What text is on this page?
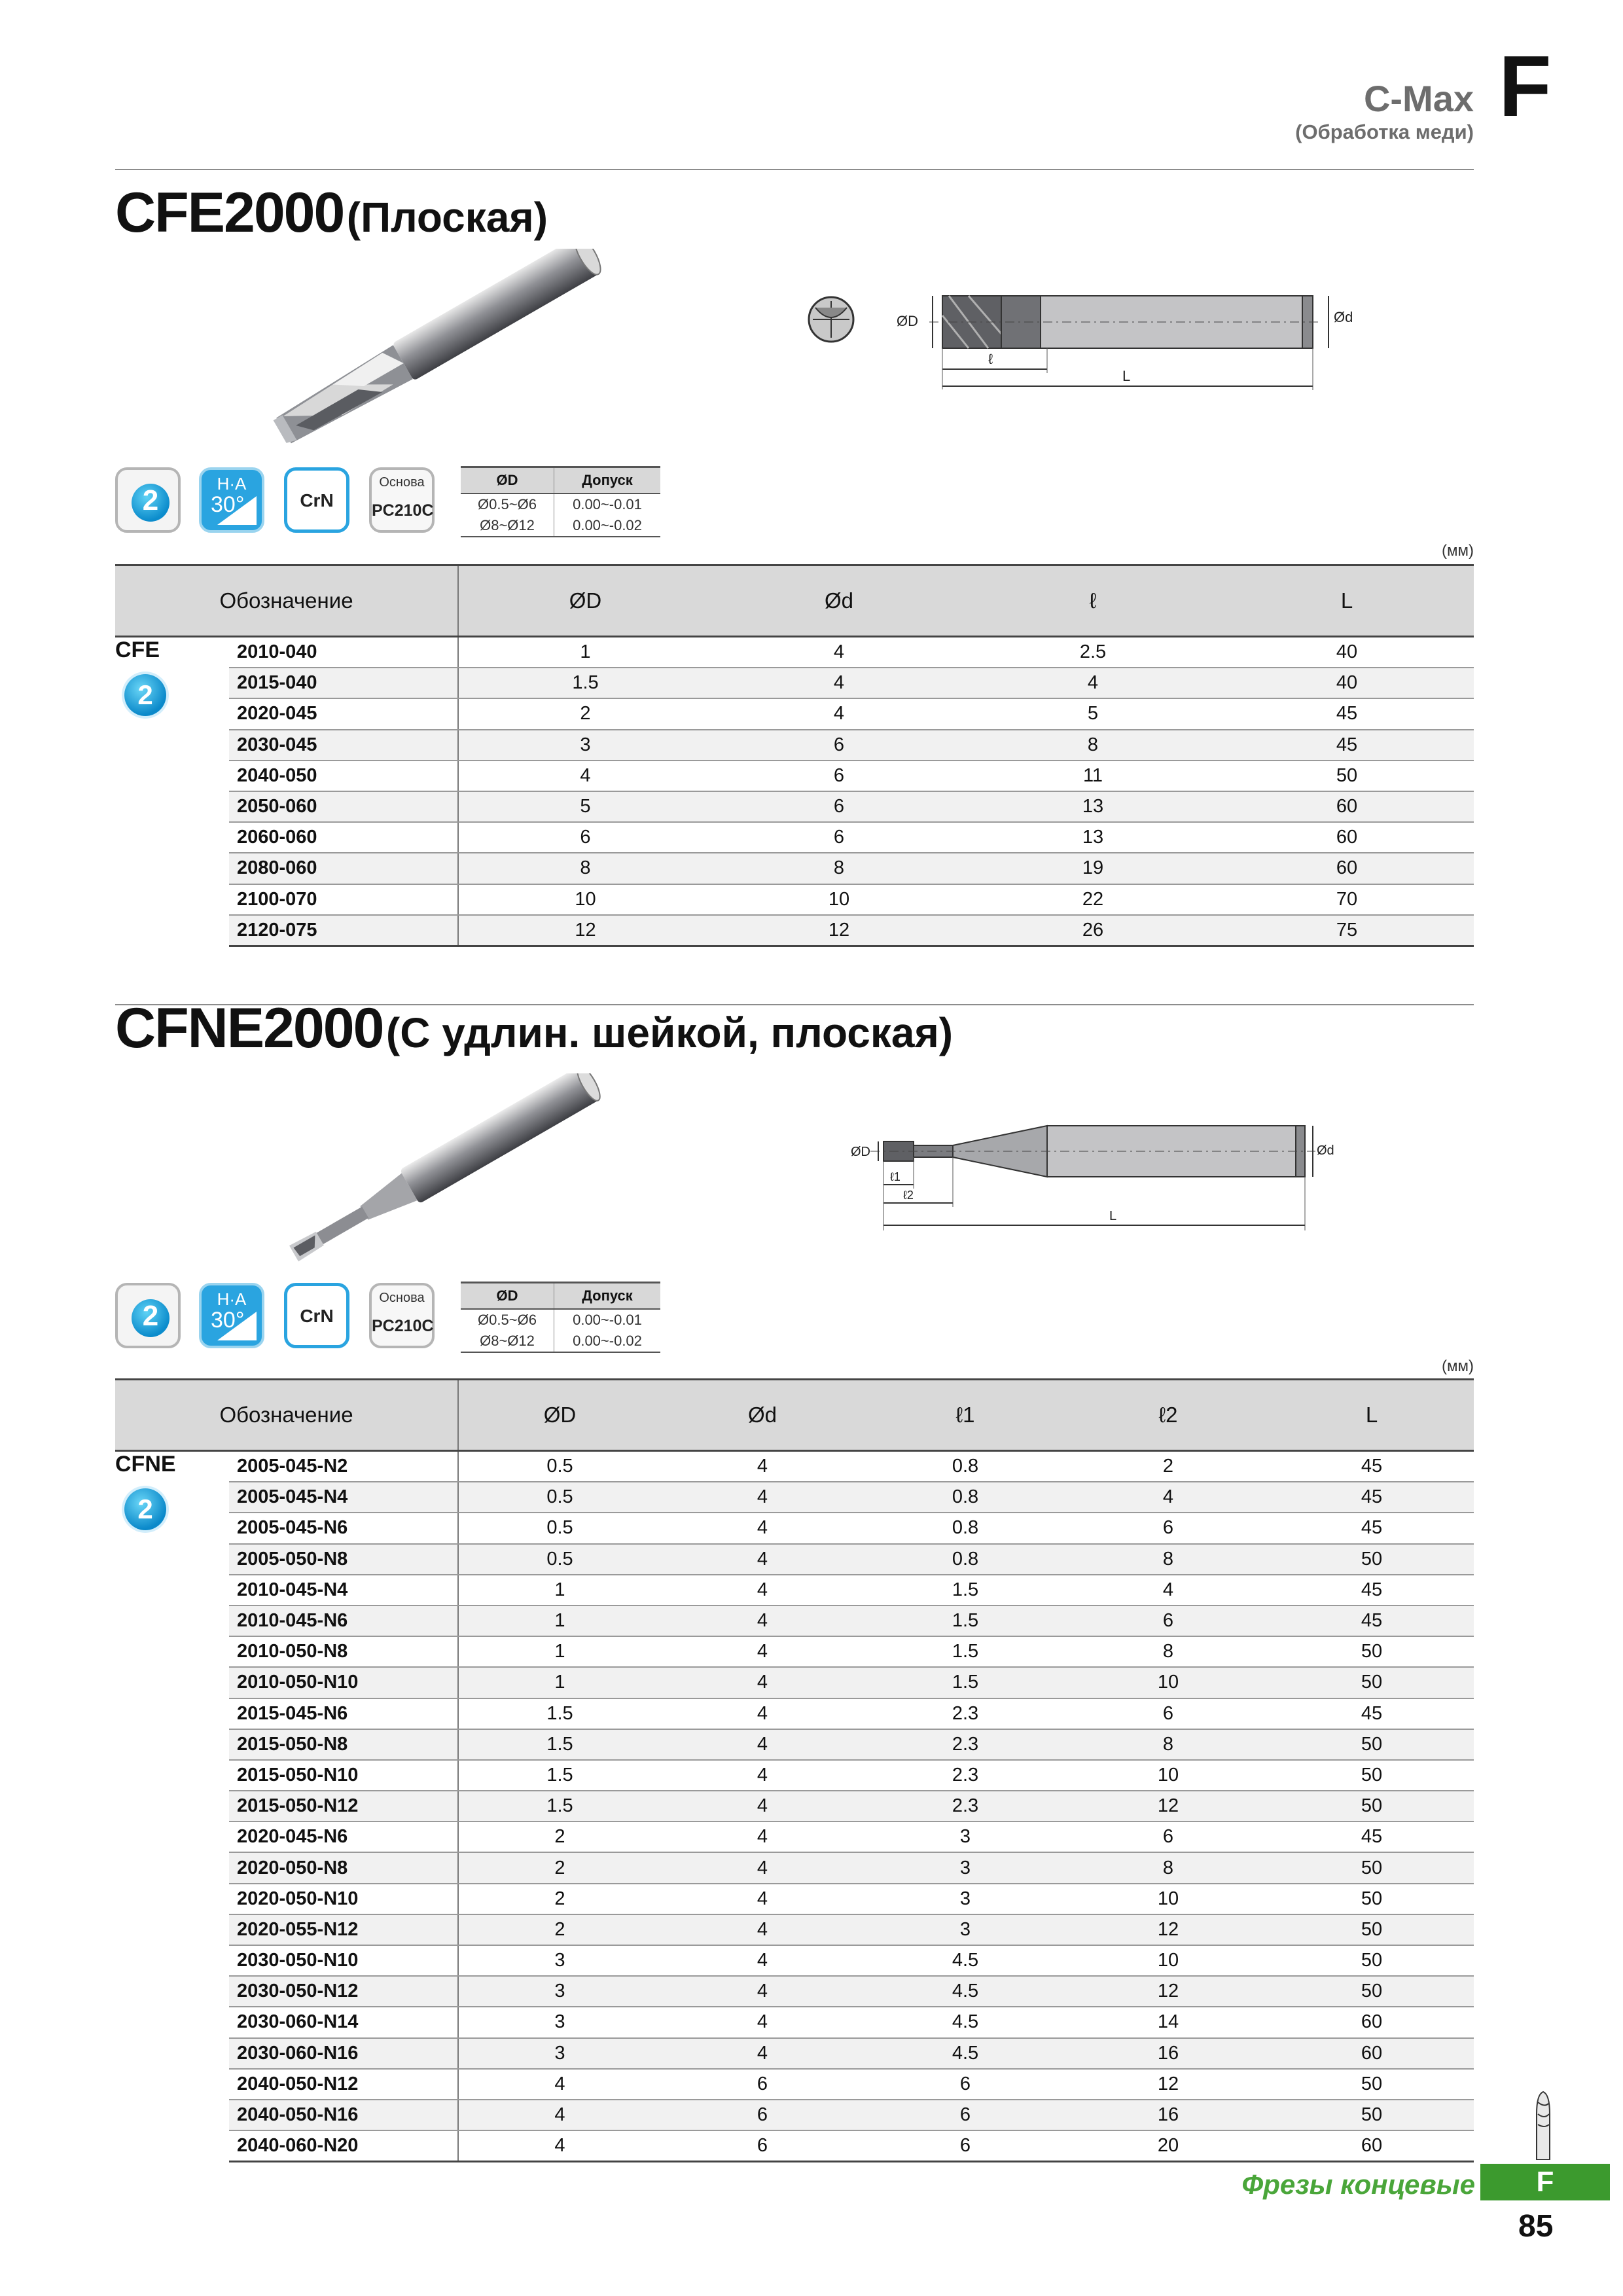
C-Max
(Обработка меди) F
CFE2000 (Плоская)
ØD	Ød
ℓ
L
2
H·A
30°	CrN
Основа
PC210C
ØD	Допуск
Ø0.5~Ø6	0.00~-0.01
Ø8~Ø12	0.00~-0.02
(мм)
Обозначение		ØD	Ød	ℓ	L
CFE
2	2010-040	1	4	2.5	40
	2015-040	1.5	4	4	40
	2020-045	2	4	5	45
	2030-045	3	6	8	45
	2040-050	4	6	11	50
	2050-060	5	6	13	60
	2060-060	6	6	13	60
	2080-060	8	8	19	60
	2100-070	10	10	22	70
	2120-075	12	12	26	75
CFNE2000 (С удлин. шейкой, плоская)
ØD	Ød
ℓ1
ℓ2
L
2
H·A
30°	CrN
Основа
PC210C
ØD	Допуск
Ø0.5~Ø6	0.00~-0.01
Ø8~Ø12	0.00~-0.02
(мм)
Обозначение		ØD	Ød	ℓ1	ℓ2	L
CFNE
2	2005-045-N2	0.5	4	0.8	2	45
	2005-045-N4	0.5	4	0.8	4	45
	2005-045-N6	0.5	4	0.8	6	45
	2005-050-N8	0.5	4	0.8	8	50
	2010-045-N4	1	4	1.5	4	45
	2010-045-N6	1	4	1.5	6	45
	2010-050-N8	1	4	1.5	8	50
	2010-050-N10	1	4	1.5	10	50
	2015-045-N6	1.5	4	2.3	6	45
	2015-050-N8	1.5	4	2.3	8	50
	2015-050-N10	1.5	4	2.3	10	50
	2015-050-N12	1.5	4	2.3	12	50
	2020-045-N6	2	4	3	6	45
	2020-050-N8	2	4	3	8	50
	2020-050-N10	2	4	3	10	50
	2020-055-N12	2	4	3	12	50
	2030-050-N10	3	4	4.5	10	50
	2030-050-N12	3	4	4.5	12	50
	2030-060-N14	3	4	4.5	14	60
	2030-060-N16	3	4	4.5	16	60
	2040-050-N12	4	6	6	12	50
	2040-050-N16	4	6	6	16	50
	2040-060-N20	4	6	6	20	60
Фрезы концевые	F
85
